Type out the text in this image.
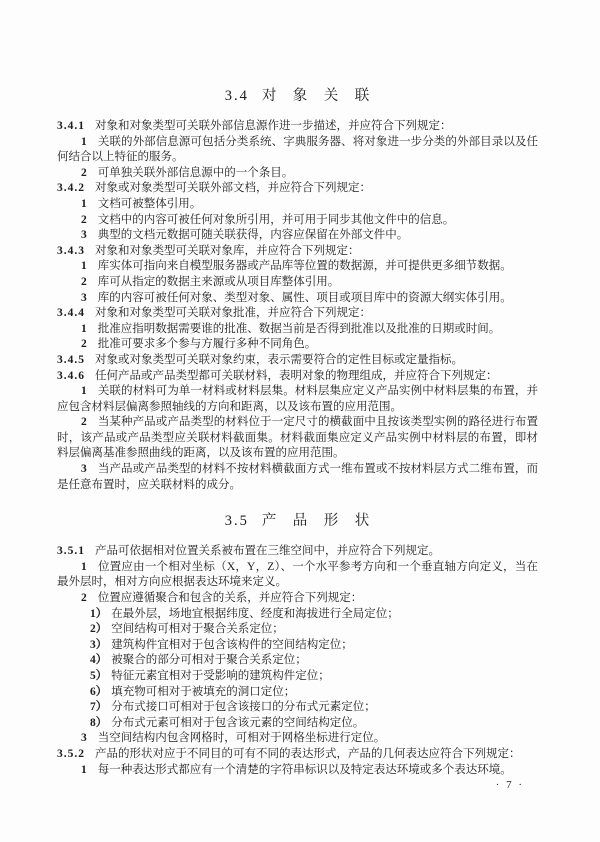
3.4 对　象　关　联

3.4.1 对象和对象类型可关联外部信息源作进一步描述，并应符合下列规定：

1 关联的外部信息源可包括分类系统、字典服务器、将对象进一步分类的外部目录以及任何结合以上特征的服务。

2 可单独关联外部信息源中的一个条目。

3.4.2 对象或对象类型可关联外部文档，并应符合下列规定：

1 文档可被整体引用。

2 文档中的内容可被任何对象所引用，并可用于同步其他文件中的信息。

3 典型的文档元数据可随关联获得，内容应保留在外部文件中。

3.4.3 对象和对象类型可关联对象库，并应符合下列规定：

1 库实体可指向来自模型服务器或产品库等位置的数据源，并可提供更多细节数据。

2 库可从指定的数据主来源或从项目库整体引用。

3 库的内容可被任何对象、类型对象、属性、项目或项目库中的资源大纲实体引用。

3.4.4 对象和对象类型可关联对象批准，并应符合下列规定：

1 批准应指明数据需要谁的批准、数据当前是否得到批准以及批准的日期或时间。

2 批准可要求多个参与方履行多种不同角色。

3.4.5 对象或对象类型可关联对象约束，表示需要符合的定性目标或定量指标。

3.4.6 任何产品或产品类型都可关联材料，表明对象的物理组成，并应符合下列规定：

1 关联的材料可为单一材料或材料层集。材料层集应定义产品实例中材料层集的布置，并应包含材料层偏离参照轴线的方向和距离，以及该布置的应用范围。

2 当某种产品或产品类型的材料位于一定尺寸的横截面中且按该类型实例的路径进行布置时，该产品或产品类型应关联材料截面集。材料截面集应定义产品实例中材料层的布置，即材料层偏离基准参照曲线的距离，以及该布置的应用范围。

3 当产品或产品类型的材料不按材料横截面方式一维布置或不按材料层方式二维布置，而是任意布置时，应关联材料的成分。

3.5 产　品　形　状

3.5.1 产品可依据相对位置关系被布置在三维空间中，并应符合下列规定。

1 位置应由一个相对坐标（X，Y，Z）、一个水平参考方向和一个垂直轴方向定义，当在最外层时，相对方向应根据表达环境来定义。

2 位置应遵循聚合和包含的关系，并应符合下列规定：

1） 在最外层，场地宜根据纬度、经度和海拔进行全局定位；

2） 空间结构可相对于聚合关系定位；

3） 建筑构件宜相对于包含该构件的空间结构定位；

4） 被聚合的部分可相对于聚合关系定位；

5） 特征元素宜相对于受影响的建筑构件定位；

6） 填充物可相对于被填充的洞口定位；

7） 分布式接口可相对于包含该接口的分布式元素定位；

8） 分布式元素可相对于包含该元素的空间结构定位。

3 当空间结构内包含网格时，可相对于网格坐标进行定位。

3.5.2 产品的形状对应于不同目的可有不同的表达形式，产品的几何表达应符合下列规定：

1 每一种表达形式都应有一个清楚的字符串标识以及特定表达环境或多个表达环境。

· 7 ·
